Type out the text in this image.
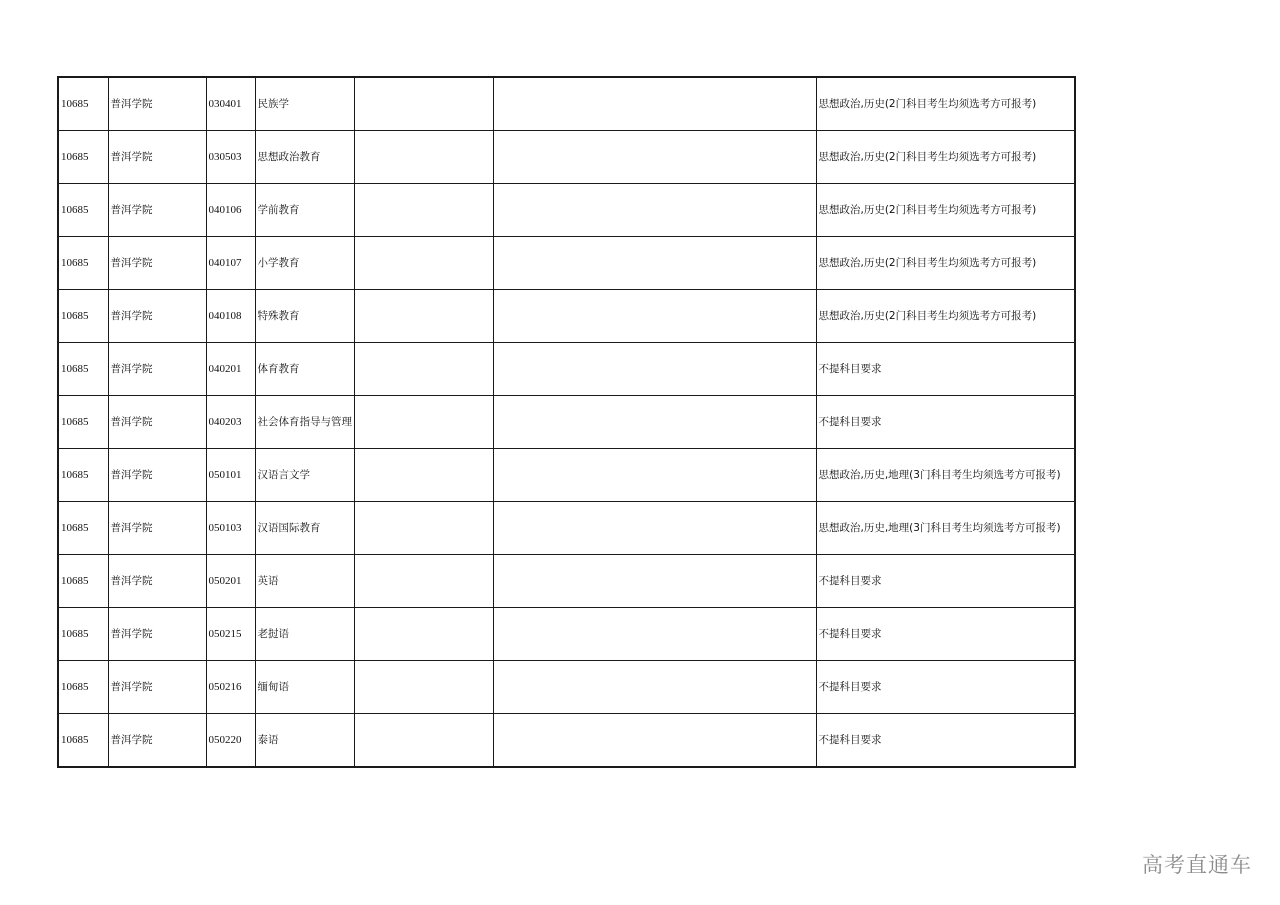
10685	普洱学院	030401	民族学			思想政治,历史(2门科目考生均须选考方可报考)
10685	普洱学院	030503	思想政治教育			思想政治,历史(2门科目考生均须选考方可报考)
10685	普洱学院	040106	学前教育			思想政治,历史(2门科目考生均须选考方可报考)
10685	普洱学院	040107	小学教育			思想政治,历史(2门科目考生均须选考方可报考)
10685	普洱学院	040108	特殊教育			思想政治,历史(2门科目考生均须选考方可报考)
10685	普洱学院	040201	体育教育			不提科目要求
10685	普洱学院	040203	社会体育指导与管理			不提科目要求
10685	普洱学院	050101	汉语言文学			思想政治,历史,地理(3门科目考生均须选考方可报考)
10685	普洱学院	050103	汉语国际教育			思想政治,历史,地理(3门科目考生均须选考方可报考)
10685	普洱学院	050201	英语			不提科目要求
10685	普洱学院	050215	老挝语			不提科目要求
10685	普洱学院	050216	缅甸语			不提科目要求
10685	普洱学院	050220	泰语			不提科目要求
高考直通车
